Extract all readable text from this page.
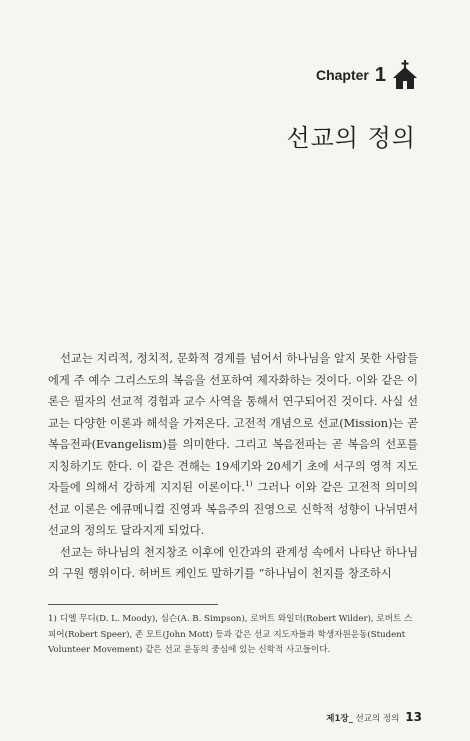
Chapter 1
선교의 정의

선교는 지리적, 정치적, 문화적 경계를 넘어서 하나님을 알지 못한 사람들에게 주 예수 그리스도의 복음을 선포하여 제자화하는 것이다. 이와 같은 이론은 필자의 선교적 경험과 교수 사역을 통해서 연구되어진 것이다. 사실 선교는 다양한 이론과 해석을 가져온다. 고전적 개념으로 선교(Mission)는 곧 복음전파(Evangelism)를 의미한다. 그리고 복음전파는 곧 복음의 선포를 지칭하기도 한다. 이 같은 견해는 19세기와 20세기 초에 서구의 영적 지도자들에 의해서 강하게 지지된 이론이다.$^{1)}$ 그러나 이와 같은 고전적 의미의 선교 이론은 에큐메니컬 진영과 복음주의 진영으로 신학적 성향이 나뉘면서 선교의 정의도 달라지게 되었다.

선교는 하나님의 천지창조 이후에 인간과의 관계성 속에서 나타난 하나님의 구원 행위이다. 허버트 케인도 말하기를 “하나님이 천지를 창조하시

1) 디엘 무디(D. L. Moody), 심슨(A. B. Simpson), 로버트 와일더(Robert Wilder), 로버트 스피어(Robert Speer), 존 모트(John Mott) 등과 같은 선교 지도자들과 학생자원운동(Student Volunteer Movement) 같은 선교 운동의 중심에 있는 신학적 사고들이다.

제1장_ 선교의 정의 13
